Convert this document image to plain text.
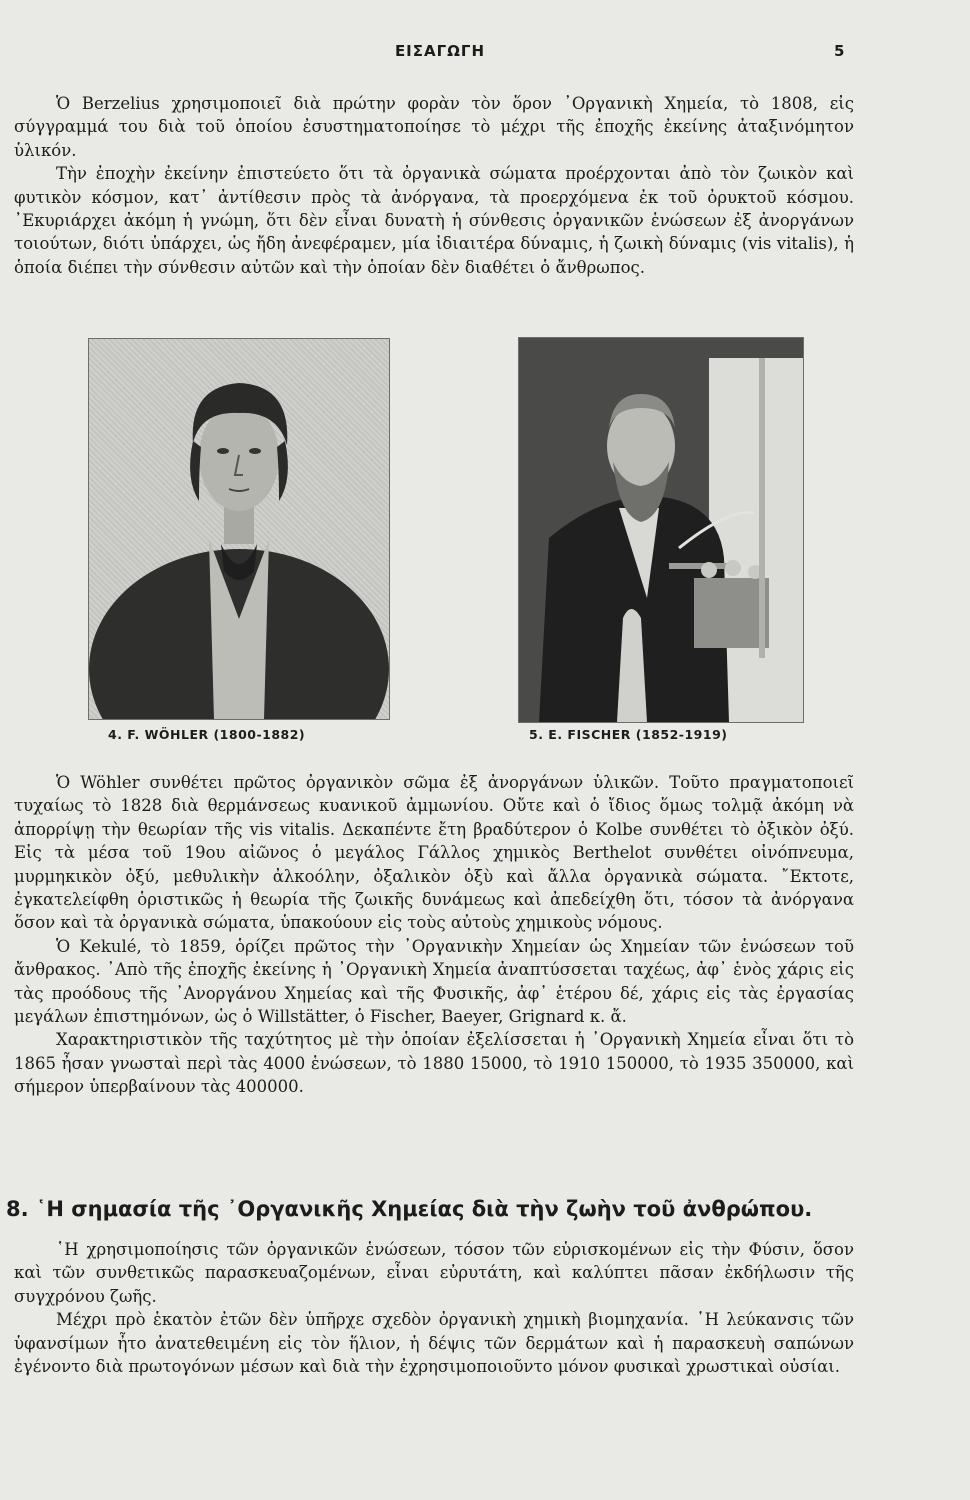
ΕΙΣΑΓΩΓΗ	5

Ὁ Berzelius χρησιμοποιεῖ διὰ πρώτην φορὰν τὸν ὅρον ᾽Οργανικὴ Χημεία, τὸ 1808, εἰς σύγγραμμά του διὰ τοῦ ὁποίου ἐσυστηματοποίησε τὸ μέχρι τῆς ἐποχῆς ἐκείνης ἀταξινόμητον ὑλικόν.

Τὴν ἐποχὴν ἐκείνην ἐπιστεύετο ὅτι τὰ ὀργανικὰ σώματα προέρχονται ἀπὸ τὸν ζωικὸν καὶ φυτικὸν κόσμον, κατ᾽ ἀντίθεσιν πρὸς τὰ ἀνόργανα, τὰ προερχόμενα ἐκ τοῦ ὀρυκτοῦ κόσμου. ᾽Εκυριάρχει ἀκόμη ἡ γνώμη, ὅτι δὲν εἶναι δυνατὴ ἡ σύνθεσις ὀργανικῶν ἑνώσεων ἐξ ἀνοργάνων τοιούτων, διότι ὑπάρχει, ὡς ἤδη ἀνεφέραμεν, μία ἰδιαιτέρα δύναμις, ἡ ζωικὴ δύναμις (vis vitalis), ἡ ὁποία διέπει τὴν σύνθεσιν αὐτῶν καὶ τὴν ὁποίαν δὲν διαθέτει ὁ ἄνθρωπος.

4. F. WÖHLER (1800-1882)	5. E. FISCHER (1852-1919)

Ὁ Wöhler συνθέτει πρῶτος ὀργανικὸν σῶμα ἐξ ἀνοργάνων ὑλικῶν. Τοῦτο πραγματοποιεῖ τυχαίως τὸ 1828 διὰ θερμάνσεως κυανικοῦ ἀμμωνίου. Οὔτε καὶ ὁ ἴδιος ὅμως τολμᾷ ἀκόμη νὰ ἀπορρίψῃ τὴν θεωρίαν τῆς vis vitalis. Δεκαπέντε ἔτη βραδύτερον ὁ Kolbe συνθέτει τὸ ὀξικὸν ὀξύ. Εἰς τὰ μέσα τοῦ 19ου αἰῶνος ὁ μεγάλος Γάλλος χημικὸς Berthelot συνθέτει οἰνόπνευμα, μυρμηκικὸν ὀξύ, μεθυλικὴν ἀλκοόλην, ὀξαλικὸν ὀξὺ καὶ ἄλλα ὀργανικὰ σώματα. ῎Εκτοτε, ἐγκατελείφθη ὁριστικῶς ἡ θεωρία τῆς ζωικῆς δυνάμεως καὶ ἀπεδείχθη ὅτι, τόσον τὰ ἀνόργανα ὅσον καὶ τὰ ὀργανικὰ σώματα, ὑπακούουν εἰς τοὺς αὐτοὺς χημικοὺς νόμους.

Ὁ Kekulé, τὸ 1859, ὁρίζει πρῶτος τὴν ᾽Οργανικὴν Χημείαν ὡς Χημείαν τῶν ἑνώσεων τοῦ ἄνθρακος. ᾽Απὸ τῆς ἐποχῆς ἐκείνης ἡ ᾽Οργανικὴ Χημεία ἀναπτύσσεται ταχέως, ἀφ᾽ ἑνὸς χάρις εἰς τὰς προόδους τῆς ᾽Ανοργάνου Χημείας καὶ τῆς Φυσικῆς, ἀφ᾽ ἑτέρου δέ, χάρις εἰς τὰς ἐργασίας μεγάλων ἐπιστημόνων, ὡς ὁ Willstätter, ὁ Fischer, Baeyer, Grignard κ. ἄ.

Χαρακτηριστικὸν τῆς ταχύτητος μὲ τὴν ὁποίαν ἐξελίσσεται ἡ ᾽Οργανικὴ Χημεία εἶναι ὅτι τὸ 1865 ἦσαν γνωσταὶ περὶ τὰς 4000 ἑνώσεων, τὸ 1880 15000, τὸ 1910 150000, τὸ 1935 350000, καὶ σήμερον ὑπερβαίνουν τὰς 400000.

8. ῾Η σημασία τῆς ᾽Οργανικῆς Χημείας διὰ τὴν ζωὴν τοῦ ἀνθρώπου.

῾Η χρησιμοποίησις τῶν ὀργανικῶν ἑνώσεων, τόσον τῶν εὑρισκομένων εἰς τὴν Φύσιν, ὅσον καὶ τῶν συνθετικῶς παρασκευαζομένων, εἶναι εὐρυτάτη, καὶ καλύπτει πᾶσαν ἐκδήλωσιν τῆς συγχρόνου ζωῆς.

Μέχρι πρὸ ἑκατὸν ἐτῶν δὲν ὑπῆρχε σχεδὸν ὀργανικὴ χημικὴ βιομηχανία. ῾Η λεύκανσις τῶν ὑφανσίμων ἦτο ἀνατεθειμένη εἰς τὸν ἥλιον, ἡ δέψις τῶν δερμάτων καὶ ἡ παρασκευὴ σαπώνων ἐγένοντο διὰ πρωτογόνων μέσων καὶ διὰ τὴν ἐχρησιμοποιοῦντο μόνον φυσικαὶ χρωστικαὶ οὐσίαι.
